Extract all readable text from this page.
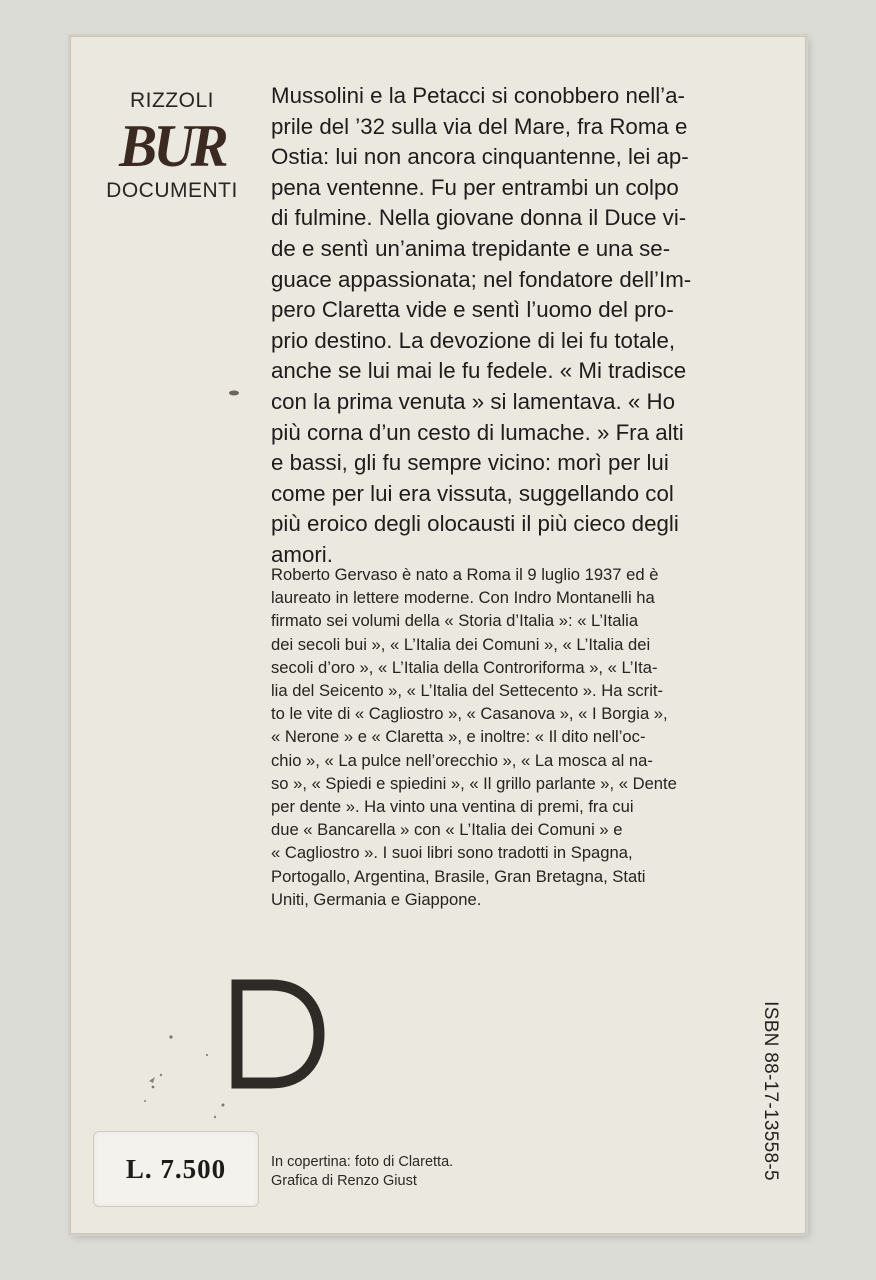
RIZZOLI
BUR
DOCUMENTI
Mussolini e la Petacci si conobbero nell’a-
prile del ’32 sulla via del Mare, fra Roma e
Ostia: lui non ancora cinquantenne, lei ap-
pena ventenne. Fu per entrambi un colpo
di fulmine. Nella giovane donna il Duce vi-
de e sentì un’anima trepidante e una se-
guace appassionata; nel fondatore dell’Im-
pero Claretta vide e sentì l’uomo del pro-
prio destino. La devozione di lei fu totale,
anche se lui mai le fu fedele. « Mi tradisce
con la prima venuta » si lamentava. « Ho
più corna d’un cesto di lumache. » Fra alti
e bassi, gli fu sempre vicino: morì per lui
come per lui era vissuta, suggellando col
più eroico degli olocausti il più cieco degli
amori.
Roberto Gervaso è nato a Roma il 9 luglio 1937 ed è
laureato in lettere moderne. Con Indro Montanelli ha
firmato sei volumi della « Storia d’Italia »: « L’Italia
dei secoli bui », « L’Italia dei Comuni », « L’Italia dei
secoli d’oro », « L’Italia della Controriforma », « L’Ita-
lia del Seicento », « L’Italia del Settecento ». Ha scrit-
to le vite di « Cagliostro », « Casanova », « I Borgia »,
« Nerone » e « Claretta », e inoltre: « Il dito nell’oc-
chio », « La pulce nell’orecchio », « La mosca al na-
so », « Spiedi e spiedini », « Il grillo parlante », « Dente
per dente ». Ha vinto una ventina di premi, fra cui
due « Bancarella » con « L’Italia dei Comuni » e
« Cagliostro ». I suoi libri sono tradotti in Spagna,
Portogallo, Argentina, Brasile, Gran Bretagna, Stati
Uniti, Germania e Giappone.
D
L. 7.500	In copertina: foto di Claretta.
Grafica di Renzo Giust
ISBN 88-17-13558-5
